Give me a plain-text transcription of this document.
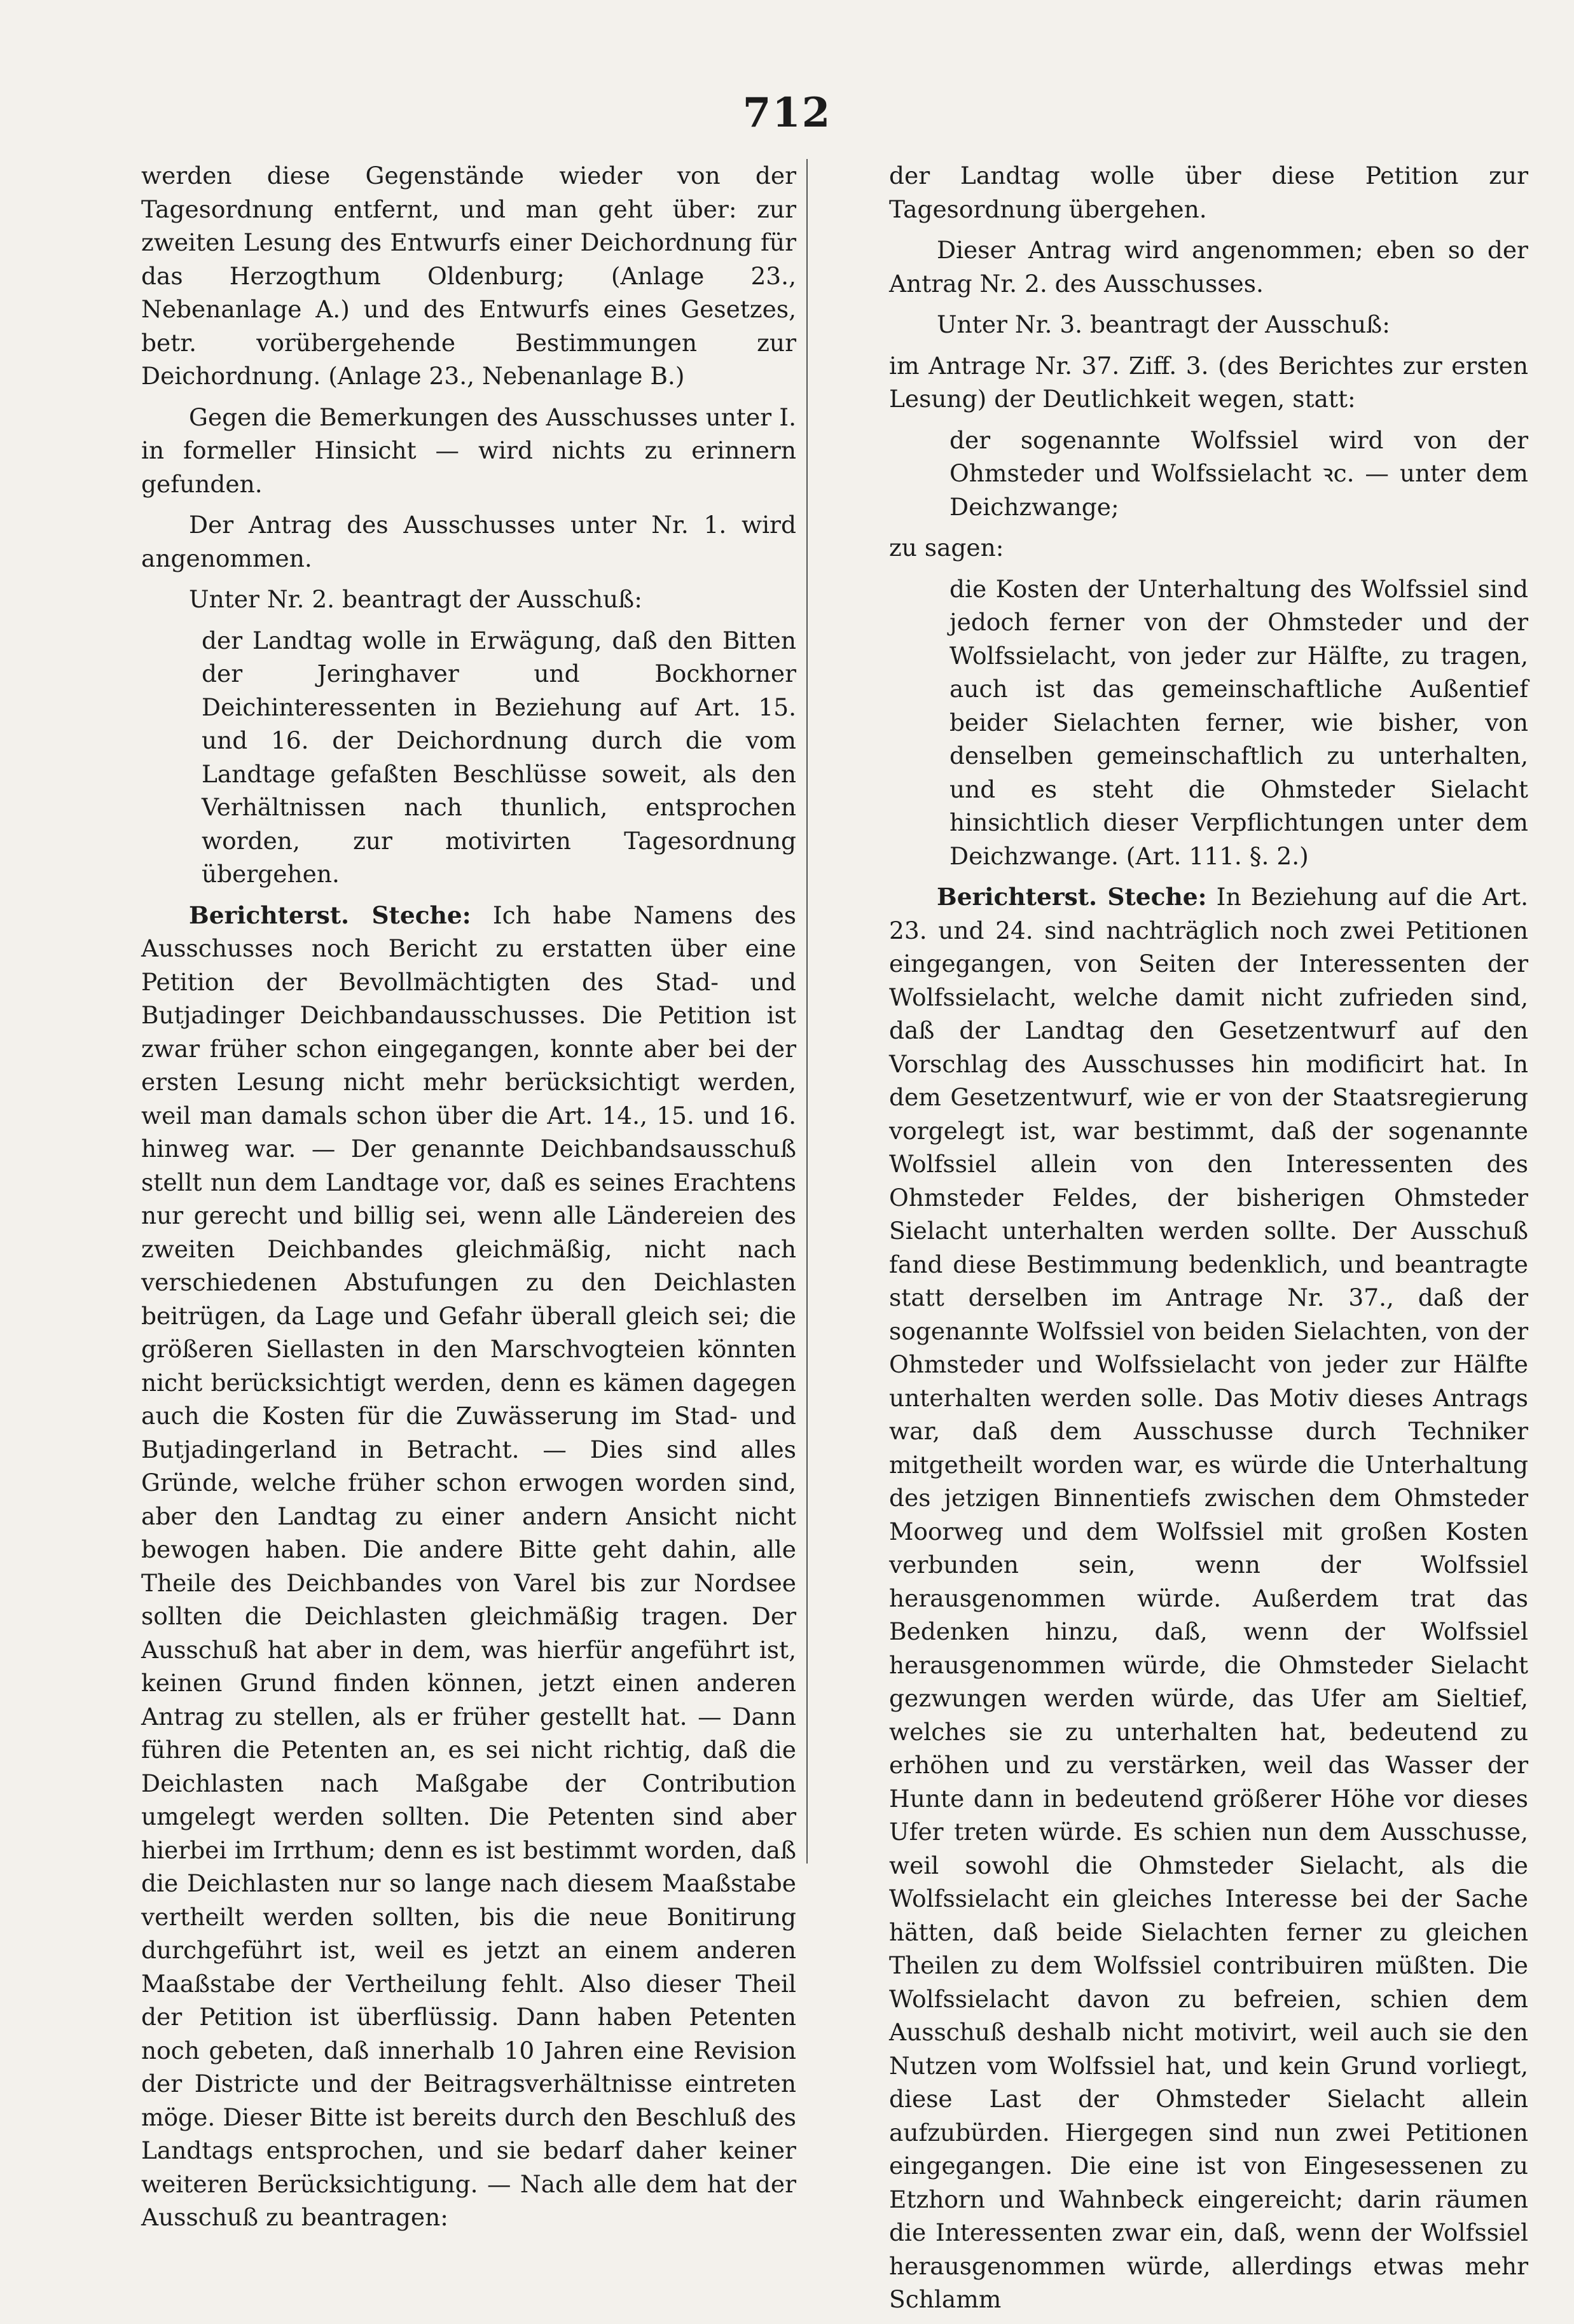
712

werden diese Gegenstände wieder von der Tagesordnung entfernt, und man geht über: zur zweiten Lesung des Entwurfs einer Deichordnung für das Herzogthum Oldenburg; (Anlage 23., Nebenanlage A.) und des Entwurfs eines Gesetzes, betr. vorübergehende Bestimmungen zur Deichordnung. (Anlage 23., Nebenanlage B.)

Gegen die Bemerkungen des Ausschusses unter I. in formeller Hinsicht — wird nichts zu erinnern gefunden.

Der Antrag des Ausschusses unter Nr. 1. wird angenommen.

Unter Nr. 2. beantragt der Ausschuß:

der Landtag wolle in Erwägung, daß den Bitten der Jeringhaver und Bockhorner Deichinteressenten in Beziehung auf Art. 15. und 16. der Deichordnung durch die vom Landtage gefaßten Beschlüsse soweit, als den Verhältnissen nach thunlich, entsprochen worden, zur motivirten Tagesordnung übergehen.

Berichterst. Steche: Ich habe Namens des Ausschusses noch Bericht zu erstatten über eine Petition der Bevollmächtigten des Stad- und Butjadinger Deichbandausschusses. Die Petition ist zwar früher schon eingegangen, konnte aber bei der ersten Lesung nicht mehr berücksichtigt werden, weil man damals schon über die Art. 14., 15. und 16. hinweg war. — Der genannte Deichbandsausschuß stellt nun dem Landtage vor, daß es seines Erachtens nur gerecht und billig sei, wenn alle Ländereien des zweiten Deichbandes gleichmäßig, nicht nach verschiedenen Abstufungen zu den Deichlasten beitrügen, da Lage und Gefahr überall gleich sei; die größeren Siellasten in den Marschvogteien könnten nicht berücksichtigt werden, denn es kämen dagegen auch die Kosten für die Zuwässerung im Stad- und Butjadingerland in Betracht. — Dies sind alles Gründe, welche früher schon erwogen worden sind, aber den Landtag zu einer andern Ansicht nicht bewogen haben. Die andere Bitte geht dahin, alle Theile des Deichbandes von Varel bis zur Nordsee sollten die Deichlasten gleichmäßig tragen. Der Ausschuß hat aber in dem, was hierfür angeführt ist, keinen Grund finden können, jetzt einen anderen Antrag zu stellen, als er früher gestellt hat. — Dann führen die Petenten an, es sei nicht richtig, daß die Deichlasten nach Maßgabe der Contribution umgelegt werden sollten. Die Petenten sind aber hierbei im Irrthum; denn es ist bestimmt worden, daß die Deichlasten nur so lange nach diesem Maaßstabe vertheilt werden sollten, bis die neue Bonitirung durchgeführt ist, weil es jetzt an einem anderen Maaßstabe der Vertheilung fehlt. Also dieser Theil der Petition ist überflüssig. Dann haben Petenten noch gebeten, daß innerhalb 10 Jahren eine Revision der Districte und der Beitragsverhältnisse eintreten möge. Dieser Bitte ist bereits durch den Beschluß des Landtags entsprochen, und sie bedarf daher keiner weiteren Berücksichtigung. — Nach alle dem hat der Ausschuß zu beantragen:

der Landtag wolle über diese Petition zur Tagesordnung übergehen.

Dieser Antrag wird angenommen; eben so der Antrag Nr. 2. des Ausschusses.

Unter Nr. 3. beantragt der Ausschuß:

im Antrage Nr. 37. Ziff. 3. (des Berichtes zur ersten Lesung) der Deutlichkeit wegen, statt:

der sogenannte Wolfssiel wird von der Ohmsteder und Wolfssielacht ꝛc. — unter dem Deichzwange;

zu sagen:

die Kosten der Unterhaltung des Wolfssiel sind jedoch ferner von der Ohmsteder und der Wolfssielacht, von jeder zur Hälfte, zu tragen, auch ist das gemeinschaftliche Außentief beider Sielachten ferner, wie bisher, von denselben gemeinschaftlich zu unterhalten, und es steht die Ohmsteder Sielacht hinsichtlich dieser Verpflichtungen unter dem Deichzwange. (Art. 111. §. 2.)

Berichterst. Steche: In Beziehung auf die Art. 23. und 24. sind nachträglich noch zwei Petitionen eingegangen, von Seiten der Interessenten der Wolfssielacht, welche damit nicht zufrieden sind, daß der Landtag den Gesetzentwurf auf den Vorschlag des Ausschusses hin modificirt hat. In dem Gesetzentwurf, wie er von der Staatsregierung vorgelegt ist, war bestimmt, daß der sogenannte Wolfssiel allein von den Interessenten des Ohmsteder Feldes, der bisherigen Ohmsteder Sielacht unterhalten werden sollte. Der Ausschuß fand diese Bestimmung bedenklich, und beantragte statt derselben im Antrage Nr. 37., daß der sogenannte Wolfssiel von beiden Sielachten, von der Ohmsteder und Wolfssielacht von jeder zur Hälfte unterhalten werden solle. Das Motiv dieses Antrags war, daß dem Ausschusse durch Techniker mitgetheilt worden war, es würde die Unterhaltung des jetzigen Binnentiefs zwischen dem Ohmsteder Moorweg und dem Wolfssiel mit großen Kosten verbunden sein, wenn der Wolfssiel herausgenommen würde. Außerdem trat das Bedenken hinzu, daß, wenn der Wolfssiel herausgenommen würde, die Ohmsteder Sielacht gezwungen werden würde, das Ufer am Sieltief, welches sie zu unterhalten hat, bedeutend zu erhöhen und zu verstärken, weil das Wasser der Hunte dann in bedeutend größerer Höhe vor dieses Ufer treten würde. Es schien nun dem Ausschusse, weil sowohl die Ohmsteder Sielacht, als die Wolfssielacht ein gleiches Interesse bei der Sache hätten, daß beide Sielachten ferner zu gleichen Theilen zu dem Wolfssiel contribuiren müßten. Die Wolfssielacht davon zu befreien, schien dem Ausschuß deshalb nicht motivirt, weil auch sie den Nutzen vom Wolfssiel hat, und kein Grund vorliegt, diese Last der Ohmsteder Sielacht allein aufzubürden. Hiergegen sind nun zwei Petitionen eingegangen. Die eine ist von Eingesessenen zu Etzhorn und Wahnbeck eingereicht; darin räumen die Interessenten zwar ein, daß, wenn der Wolfssiel herausgenommen würde, allerdings etwas mehr Schlamm
